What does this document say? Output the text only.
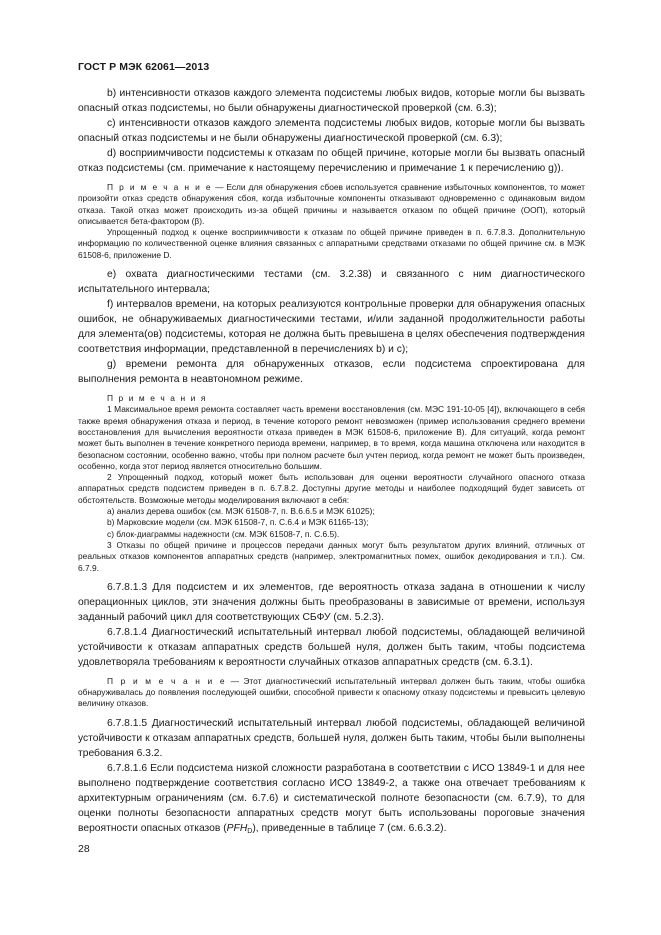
ГОСТ Р МЭК 62061—2013

b) интенсивности отказов каждого элемента подсистемы любых видов, которые могли бы вызвать опасный отказ подсистемы, но были обнаружены диагностической проверкой (см. 6.3);

c) интенсивности отказов каждого элемента подсистемы любых видов, которые могли бы вызвать опасный отказ подсистемы и не были обнаружены диагностической проверкой (см. 6.3);

d) восприимчивости подсистемы к отказам по общей причине, которые могли бы вызвать опасный отказ подсистемы (см. примечание к настоящему перечислению и примечание 1 к перечислению g)).

П р и м е ч а н и е — Если для обнаружения сбоев используется сравнение избыточных компонентов, то может произойти отказ средств обнаружения сбоя, когда избыточные компоненты отказывают одновременно с одинаковым видом отказа. Такой отказ может происходить из-за общей причины и называется отказом по общей причине (ООП), который описывается бета-фактором (β).

Упрощенный подход к оценке восприимчивости к отказам по общей причине приведен в п. 6.7.8.3. Дополнительную информацию по количественной оценке влияния связанных с аппаратными средствами отказами по общей причине см. в МЭК 61508-6, приложение D.

e) охвата диагностическими тестами (см. 3.2.38) и связанного с ним диагностического испытательного интервала;

f) интервалов времени, на которых реализуются контрольные проверки для обнаружения опасных ошибок, не обнаруживаемых диагностическими тестами, и/или заданной продолжительности работы для элемента(ов) подсистемы, которая не должна быть превышена в целях обеспечения подтверждения соответствия информации, представленной в перечислениях b) и c);

g) времени ремонта для обнаруженных отказов, если подсистема спроектирована для выполнения ремонта в неавтономном режиме.

П р и м е ч а н и я

1 Максимальное время ремонта составляет часть времени восстановления (см. МЭС 191-10-05 [4]), включающего в себя также время обнаружения отказа и период, в течение которого ремонт невозможен (пример использования среднего времени восстановления для вычисления вероятности отказа приведен в МЭК 61508-6, приложение В). Для ситуаций, когда ремонт может быть выполнен в течение конкретного периода времени, например, в то время, когда машина отключена или находится в безопасном состоянии, особенно важно, чтобы при полном расчете был учтен период, когда ремонт не может быть произведен, особенно, когда этот период является относительно большим.

2 Упрощенный подход, который может быть использован для оценки вероятности случайного опасного отказа аппаратных средств подсистем приведен в п. 6.7.8.2. Доступны другие методы и наиболее подходящий будет зависеть от обстоятельств. Возможные методы моделирования включают в себя:

a) анализ дерева ошибок (см. МЭК 61508-7, п. B.6.6.5 и МЭК 61025);

b) Марковские модели (см. МЭК 61508-7, п. C.6.4 и МЭК 61165-13);

c) блок-диаграммы надежности (см. МЭК 61508-7, п. C.6.5).

3 Отказы по общей причине и процессов передачи данных могут быть результатом других влияний, отличных от реальных отказов компонентов аппаратных средств (например, электромагнитных помех, ошибок декодирования и т.п.). См. 6.7.9.

6.7.8.1.3 Для подсистем и их элементов, где вероятность отказа задана в отношении к числу операционных циклов, эти значения должны быть преобразованы в зависимые от времени, используя заданный рабочий цикл для соответствующих СБФУ (см. 5.2.3).

6.7.8.1.4 Диагностический испытательный интервал любой подсистемы, обладающей величиной устойчивости к отказам аппаратных средств большей нуля, должен быть таким, чтобы подсистема удовлетворяла требованиям к вероятности случайных отказов аппаратных средств (см. 6.3.1).

П р и м е ч а н и е — Этот диагностический испытательный интервал должен быть таким, чтобы ошибка обнаруживалась до появления последующей ошибки, способной привести к опасному отказу подсистемы и превысить целевую величину отказов.

6.7.8.1.5 Диагностический испытательный интервал любой подсистемы, обладающей величиной устойчивости к отказам аппаратных средств, большей нуля, должен быть таким, чтобы были выполнены требования 6.3.2.

6.7.8.1.6 Если подсистема низкой сложности разработана в соответствии с ИСО 13849-1 и для нее выполнено подтверждение соответствия согласно ИСО 13849-2, а также она отвечает требованиям к архитектурным ограничениям (см. 6.7.6) и систематической полноте безопасности (см. 6.7.9), то для оценки полноты безопасности аппаратных средств могут быть использованы пороговые значения вероятности опасных отказов $(PFH_D)$, приведенные в таблице 7 (см. 6.6.3.2).

28
